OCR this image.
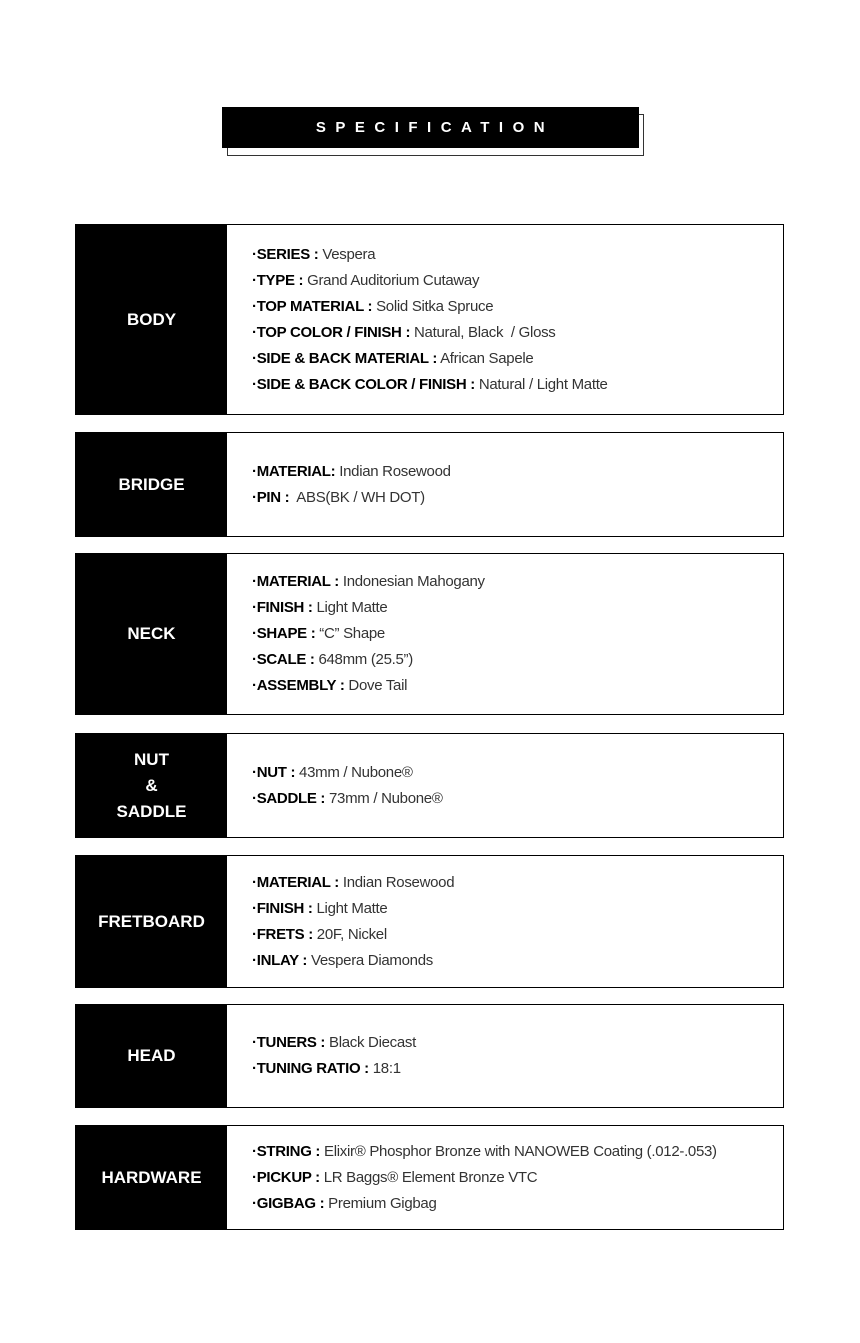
SPECIFICATION
BODY
·SERIES : Vespera
·TYPE : Grand Auditorium Cutaway
·TOP MATERIAL : Solid Sitka Spruce
·TOP COLOR / FINISH : Natural, Black  / Gloss
·SIDE & BACK MATERIAL : African Sapele
·SIDE & BACK COLOR / FINISH : Natural / Light Matte
BRIDGE
·MATERIAL: Indian Rosewood
·PIN :  ABS(BK / WH DOT)
NECK
·MATERIAL : Indonesian Mahogany
·FINISH : Light Matte
·SHAPE : “C” Shape
·SCALE : 648mm (25.5”)
·ASSEMBLY : Dove Tail
NUT
&
SADDLE
·NUT : 43mm / Nubone®
·SADDLE : 73mm / Nubone®
FRETBOARD
·MATERIAL : Indian Rosewood
·FINISH : Light Matte
·FRETS : 20F, Nickel
·INLAY : Vespera Diamonds
HEAD
·TUNERS : Black Diecast
·TUNING RATIO : 18:1
HARDWARE
·STRING : Elixir® Phosphor Bronze with NANOWEB Coating (.012-.053)
·PICKUP : LR Baggs® Element Bronze VTC
·GIGBAG : Premium Gigbag
